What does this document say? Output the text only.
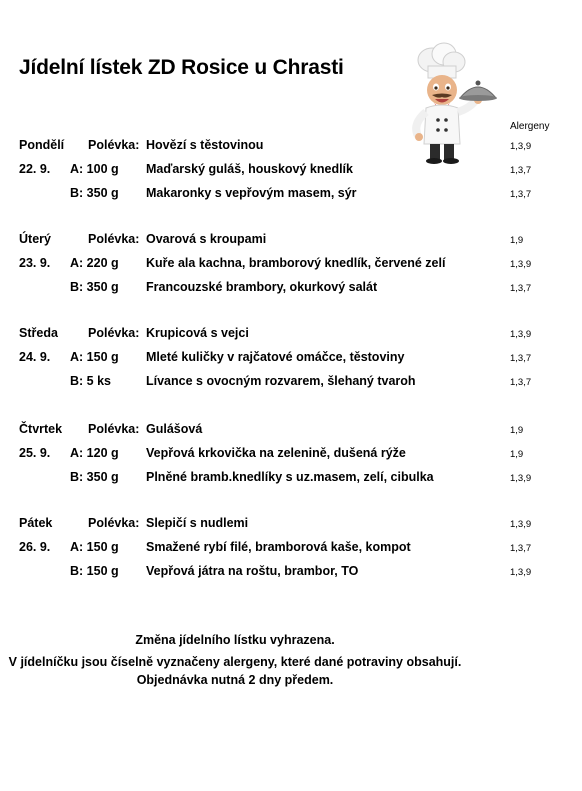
Jídelní lístek ZD Rosice u Chrasti
Alergeny
Pondělí Polévka: Hovězí s těstovinou	1,3,9
22. 9. A: 100 g Maďarský guláš, houskový knedlík	1,3,7
B: 350 g Makaronky s vepřovým masem, sýr	1,3,7
Úterý	Polévka: Ovarová s kroupami	1,9
23. 9. A: 220 g Kuře ala kachna, bramborový knedlík, červené zelí	1,3,9
B: 350 g Francouzské brambory, okurkový salát	1,3,7
Středa Polévka: Krupicová s vejci	1,3,9
24. 9. A: 150 g Mleté kuličky v rajčatové omáčce, těstoviny	1,3,7
B: 5 ks	Lívance s ovocným rozvarem, šlehaný tvaroh	1,3,7
Čtvrtek Polévka: Gulášová	1,9
25. 9. A: 120 g Vepřová krkovička na zelenině, dušená rýže	1,9
B: 350 g Plněné bramb.knedlíky s uz.masem, zelí, cibulka	1,3,9
Pátek	Polévka: Slepičí s nudlemi	1,3,9
26. 9. A: 150 g Smažené rybí filé, bramborová kaše, kompot	1,3,7
B: 150 g Vepřová játra na roštu, brambor, TO	1,3,9
Změna jídelního lístku vyhrazena.
V jídelníčku jsou číselně vyznačeny alergeny, které dané potraviny obsahují.
Objednávka nutná 2 dny předem.
